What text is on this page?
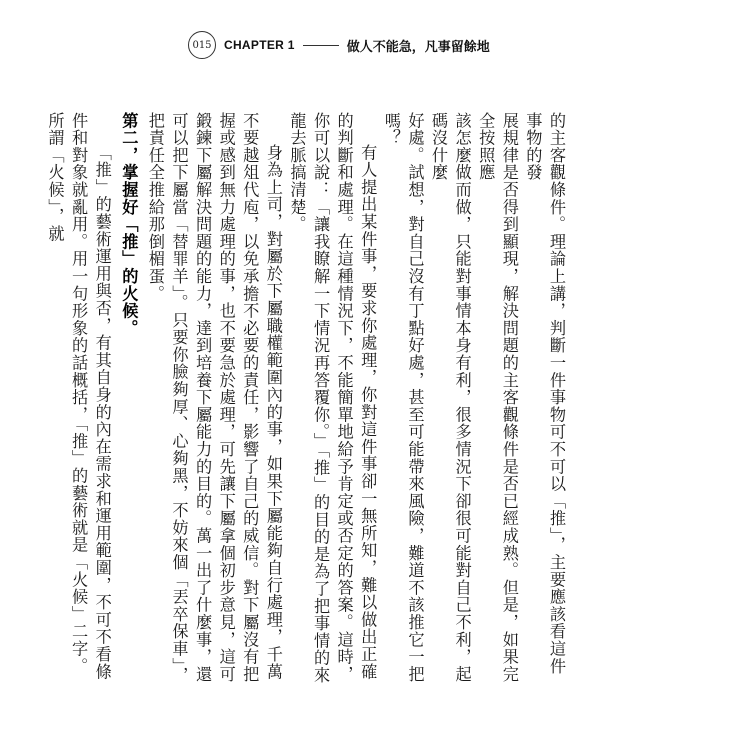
015	CHAPTER 1	做人不能急，凡事留餘地

的主客觀條件。理論上講，判斷一件事物可不可以「推」，主要應該看這件事物的發

展規律是否得到顯現，解決問題的主客觀條件是否已經成熟。但是，如果完全按照應

該怎麼做而做，只能對事情本身有利，很多情況下卻很可能對自己不利，起碼沒什麼

好處。試想，對自己沒有丁點好處，甚至可能帶來風險，難道不該推它一把嗎？

有人提出某件事，要求你處理，你對這件事卻一無所知，難以做出正確的判斷和處理。在這種情況下，不能簡單地給予肯定或否定的答案。這時，你可以說：「讓我瞭解一下情況再答覆你。」「推」的目的是為了把事情的來龍去脈搞清楚。

身為上司，對屬於下屬職權範圍內的事，如果下屬能夠自行處理，千萬不要越俎代庖，以免承擔不必要的責任，影響了自己的威信。對下屬沒有把握或感到無力處理的事，也不要急於處理，可先讓下屬拿個初步意見，這可鍛鍊下屬解決問題的能力，達到培養下屬能力的目的。萬一出了什麼事，還可以把下屬當「替罪羊」。只要你臉夠厚、心夠黑，不妨來個「丟卒保車」，把責任全推給那倒楣蛋。

第二，掌握好「推」的火候。

「推」的藝術運用與否，有其自身的內在需求和運用範圍，不可不看條件和對象就亂用。用一句形象的話概括，「推」的藝術就是「火候」二字。所謂「火候」，就
